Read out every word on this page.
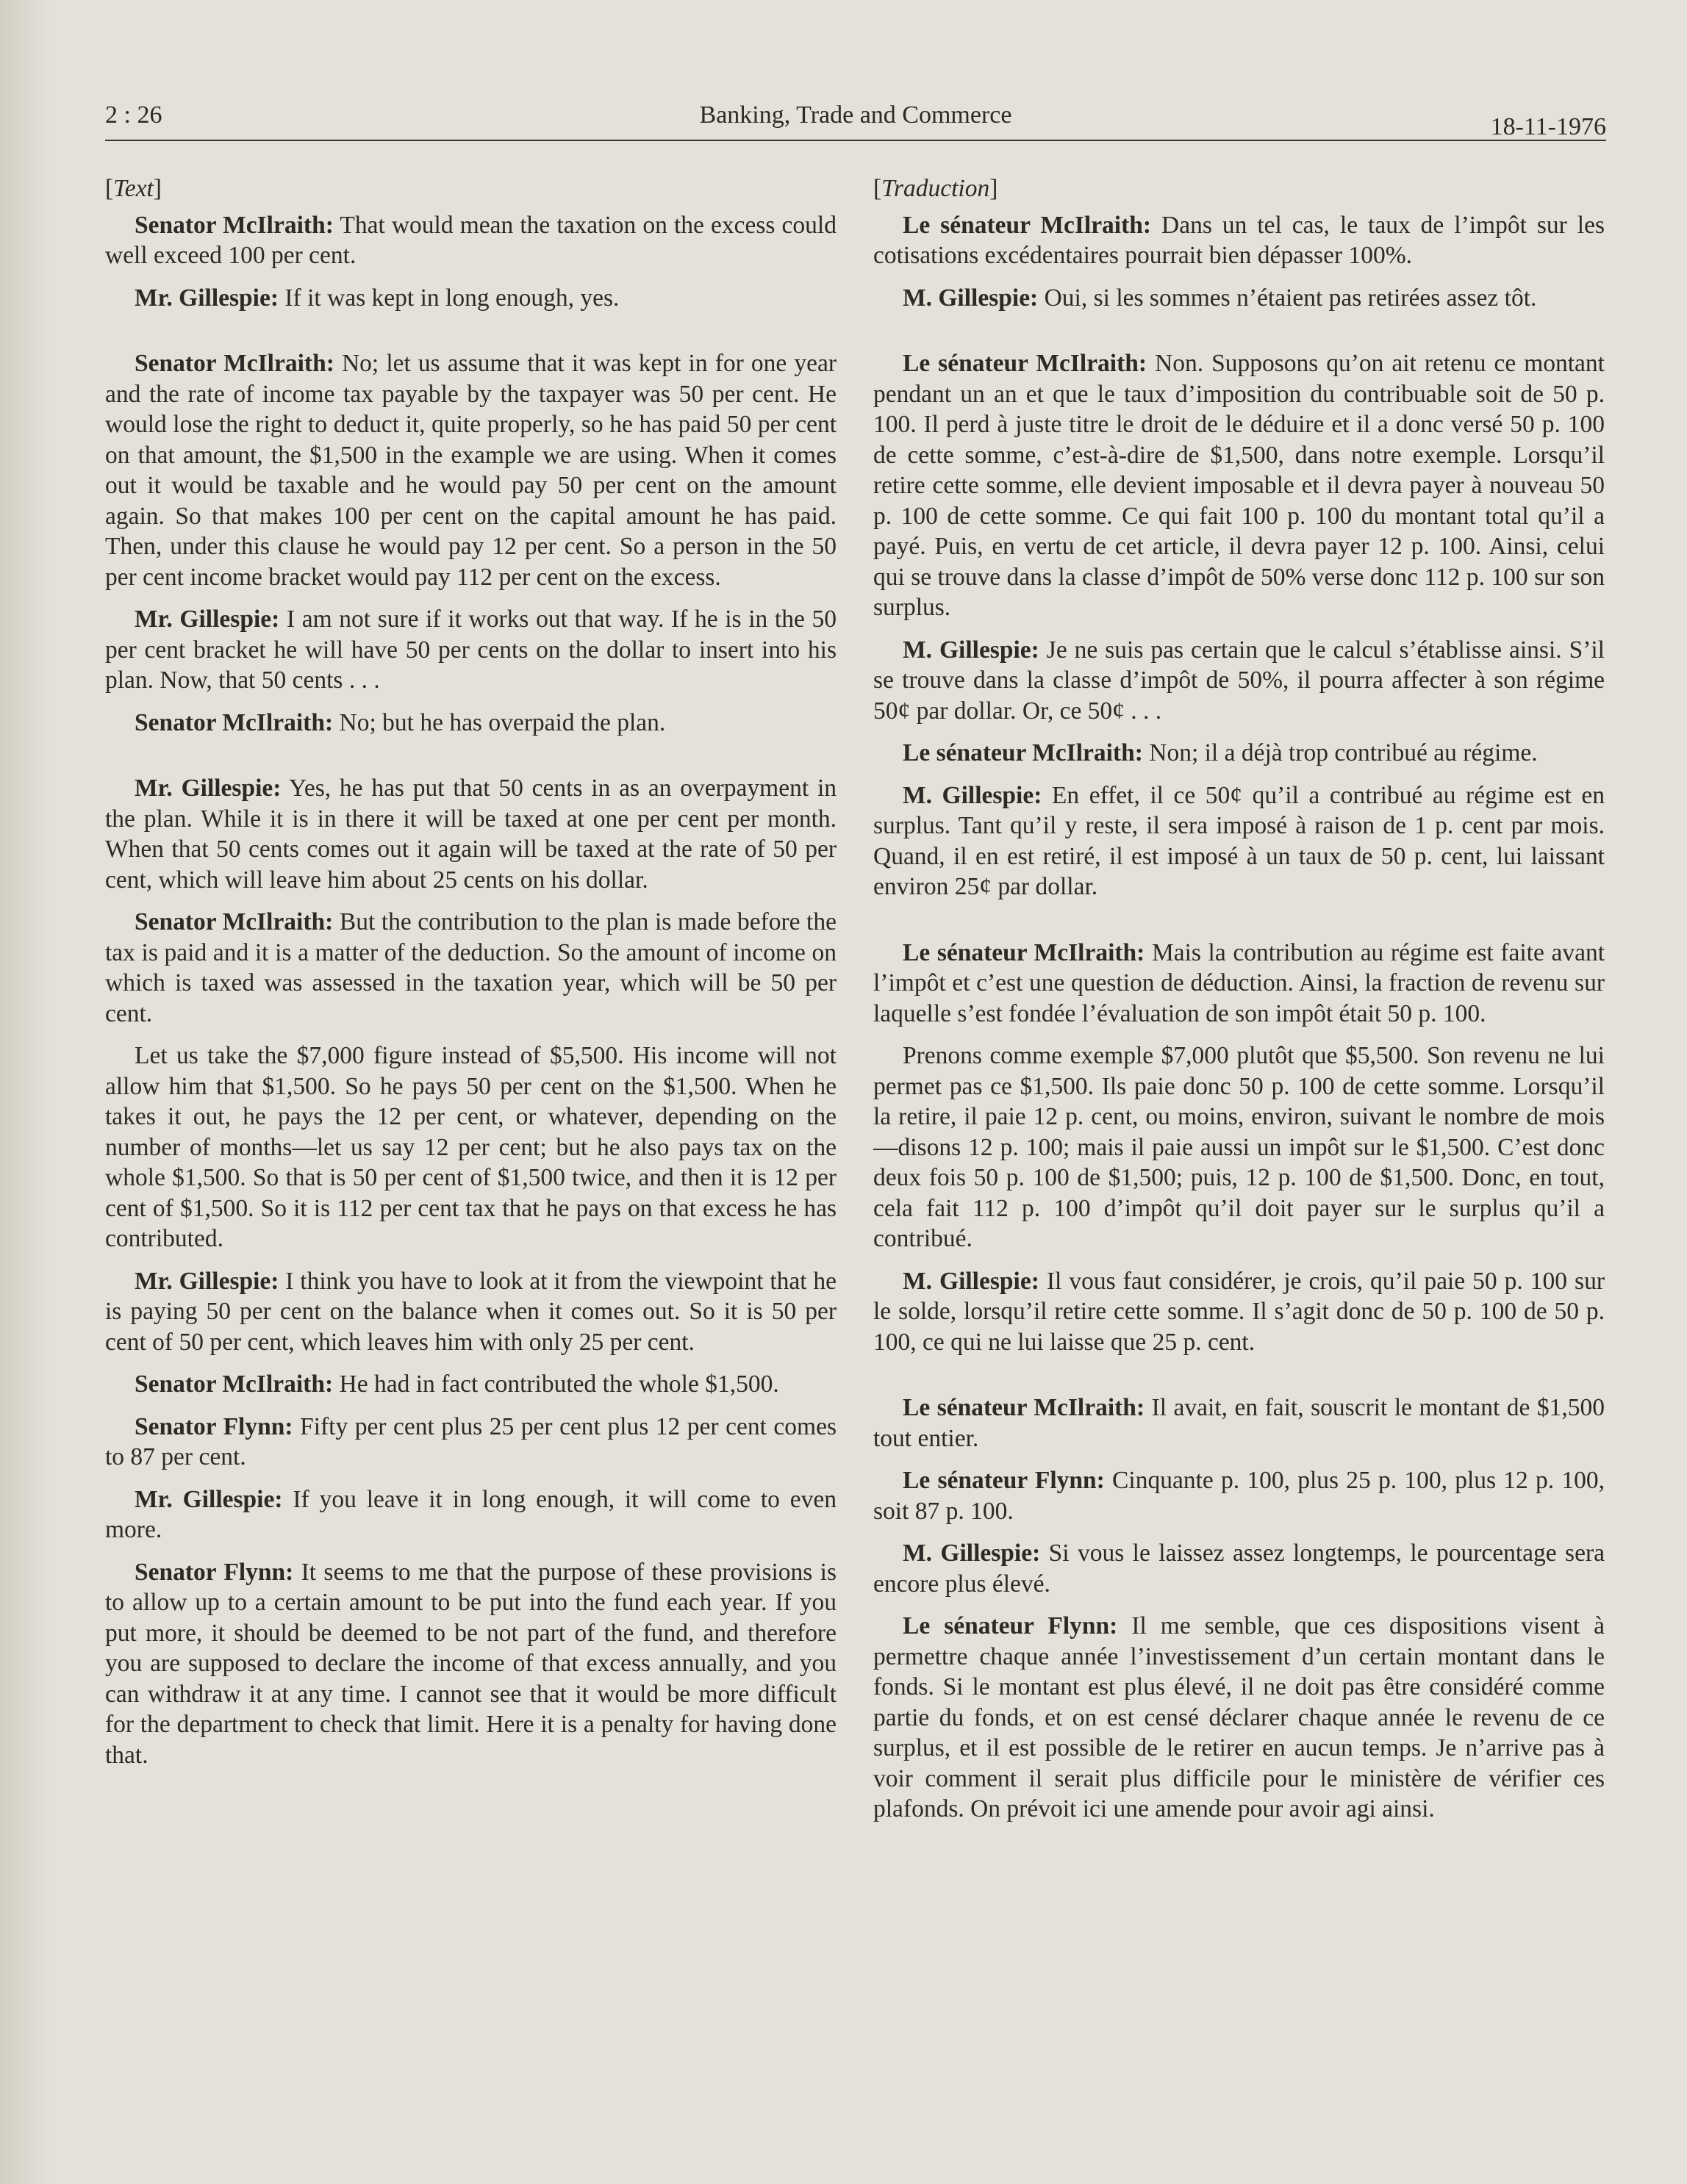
Banking, Trade and Commerce
2 : 26	18-11-1976

[Text]

Senator McIlraith: That would mean the taxation on the excess could well exceed 100 per cent.

Mr. Gillespie: If it was kept in long enough, yes.

Senator McIlraith: No; let us assume that it was kept in for one year and the rate of income tax payable by the taxpayer was 50 per cent. He would lose the right to deduct it, quite properly, so he has paid 50 per cent on that amount, the $1,500 in the example we are using. When it comes out it would be taxable and he would pay 50 per cent on the amount again. So that makes 100 per cent on the capital amount he has paid. Then, under this clause he would pay 12 per cent. So a person in the 50 per cent income bracket would pay 112 per cent on the excess.

Mr. Gillespie: I am not sure if it works out that way. If he is in the 50 per cent bracket he will have 50 per cents on the dollar to insert into his plan. Now, that 50 cents . . .

Senator McIlraith: No; but he has overpaid the plan.

Mr. Gillespie: Yes, he has put that 50 cents in as an overpayment in the plan. While it is in there it will be taxed at one per cent per month. When that 50 cents comes out it again will be taxed at the rate of 50 per cent, which will leave him about 25 cents on his dollar.

Senator McIlraith: But the contribution to the plan is made before the tax is paid and it is a matter of the deduction. So the amount of income on which is taxed was assessed in the taxation year, which will be 50 per cent.

Let us take the $7,000 figure instead of $5,500. His income will not allow him that $1,500. So he pays 50 per cent on the $1,500. When he takes it out, he pays the 12 per cent, or whatever, depending on the number of months—let us say 12 per cent; but he also pays tax on the whole $1,500. So that is 50 per cent of $1,500 twice, and then it is 12 per cent of $1,500. So it is 112 per cent tax that he pays on that excess he has contributed.

Mr. Gillespie: I think you have to look at it from the viewpoint that he is paying 50 per cent on the balance when it comes out. So it is 50 per cent of 50 per cent, which leaves him with only 25 per cent.

Senator McIlraith: He had in fact contributed the whole $1,500.

Senator Flynn: Fifty per cent plus 25 per cent plus 12 per cent comes to 87 per cent.

Mr. Gillespie: If you leave it in long enough, it will come to even more.

Senator Flynn: It seems to me that the purpose of these provisions is to allow up to a certain amount to be put into the fund each year. If you put more, it should be deemed to be not part of the fund, and therefore you are supposed to declare the income of that excess annually, and you can withdraw it at any time. I cannot see that it would be more difficult for the department to check that limit. Here it is a penalty for having done that.

[Traduction]

Le sénateur McIlraith: Dans un tel cas, le taux de l’impôt sur les cotisations excédentaires pourrait bien dépasser 100%.

M. Gillespie: Oui, si les sommes n’étaient pas retirées assez tôt.

Le sénateur McIlraith: Non. Supposons qu’on ait retenu ce montant pendant un an et que le taux d’imposition du contribuable soit de 50 p. 100. Il perd à juste titre le droit de le déduire et il a donc versé 50 p. 100 de cette somme, c’est-à-dire de $1,500, dans notre exemple. Lorsqu’il retire cette somme, elle devient imposable et il devra payer à nouveau 50 p. 100 de cette somme. Ce qui fait 100 p. 100 du montant total qu’il a payé. Puis, en vertu de cet article, il devra payer 12 p. 100. Ainsi, celui qui se trouve dans la classe d’impôt de 50% verse donc 112 p. 100 sur son surplus.

M. Gillespie: Je ne suis pas certain que le calcul s’établisse ainsi. S’il se trouve dans la classe d’impôt de 50%, il pourra affecter à son régime 50¢ par dollar. Or, ce 50¢ . . .

Le sénateur McIlraith: Non; il a déjà trop contribué au régime.

M. Gillespie: En effet, il ce 50¢ qu’il a contribué au régime est en surplus. Tant qu’il y reste, il sera imposé à raison de 1 p. cent par mois. Quand, il en est retiré, il est imposé à un taux de 50 p. cent, lui laissant environ 25¢ par dollar.

Le sénateur McIlraith: Mais la contribution au régime est faite avant l’impôt et c’est une question de déduction. Ainsi, la fraction de revenu sur laquelle s’est fondée l’évaluation de son impôt était 50 p. 100.

Prenons comme exemple $7,000 plutôt que $5,500. Son revenu ne lui permet pas ce $1,500. Ils paie donc 50 p. 100 de cette somme. Lorsqu’il la retire, il paie 12 p. cent, ou moins, environ, suivant le nombre de mois—disons 12 p. 100; mais il paie aussi un impôt sur le $1,500. C’est donc deux fois 50 p. 100 de $1,500; puis, 12 p. 100 de $1,500. Donc, en tout, cela fait 112 p. 100 d’impôt qu’il doit payer sur le surplus qu’il a contribué.

M. Gillespie: Il vous faut considérer, je crois, qu’il paie 50 p. 100 sur le solde, lorsqu’il retire cette somme. Il s’agit donc de 50 p. 100 de 50 p. 100, ce qui ne lui laisse que 25 p. cent.

Le sénateur McIlraith: Il avait, en fait, souscrit le montant de $1,500 tout entier.

Le sénateur Flynn: Cinquante p. 100, plus 25 p. 100, plus 12 p. 100, soit 87 p. 100.

M. Gillespie: Si vous le laissez assez longtemps, le pourcentage sera encore plus élevé.

Le sénateur Flynn: Il me semble, que ces dispositions visent à permettre chaque année l’investissement d’un certain montant dans le fonds. Si le montant est plus élevé, il ne doit pas être considéré comme partie du fonds, et on est censé déclarer chaque année le revenu de ce surplus, et il est possible de le retirer en aucun temps. Je n’arrive pas à voir comment il serait plus difficile pour le ministère de vérifier ces plafonds. On prévoit ici une amende pour avoir agi ainsi.
